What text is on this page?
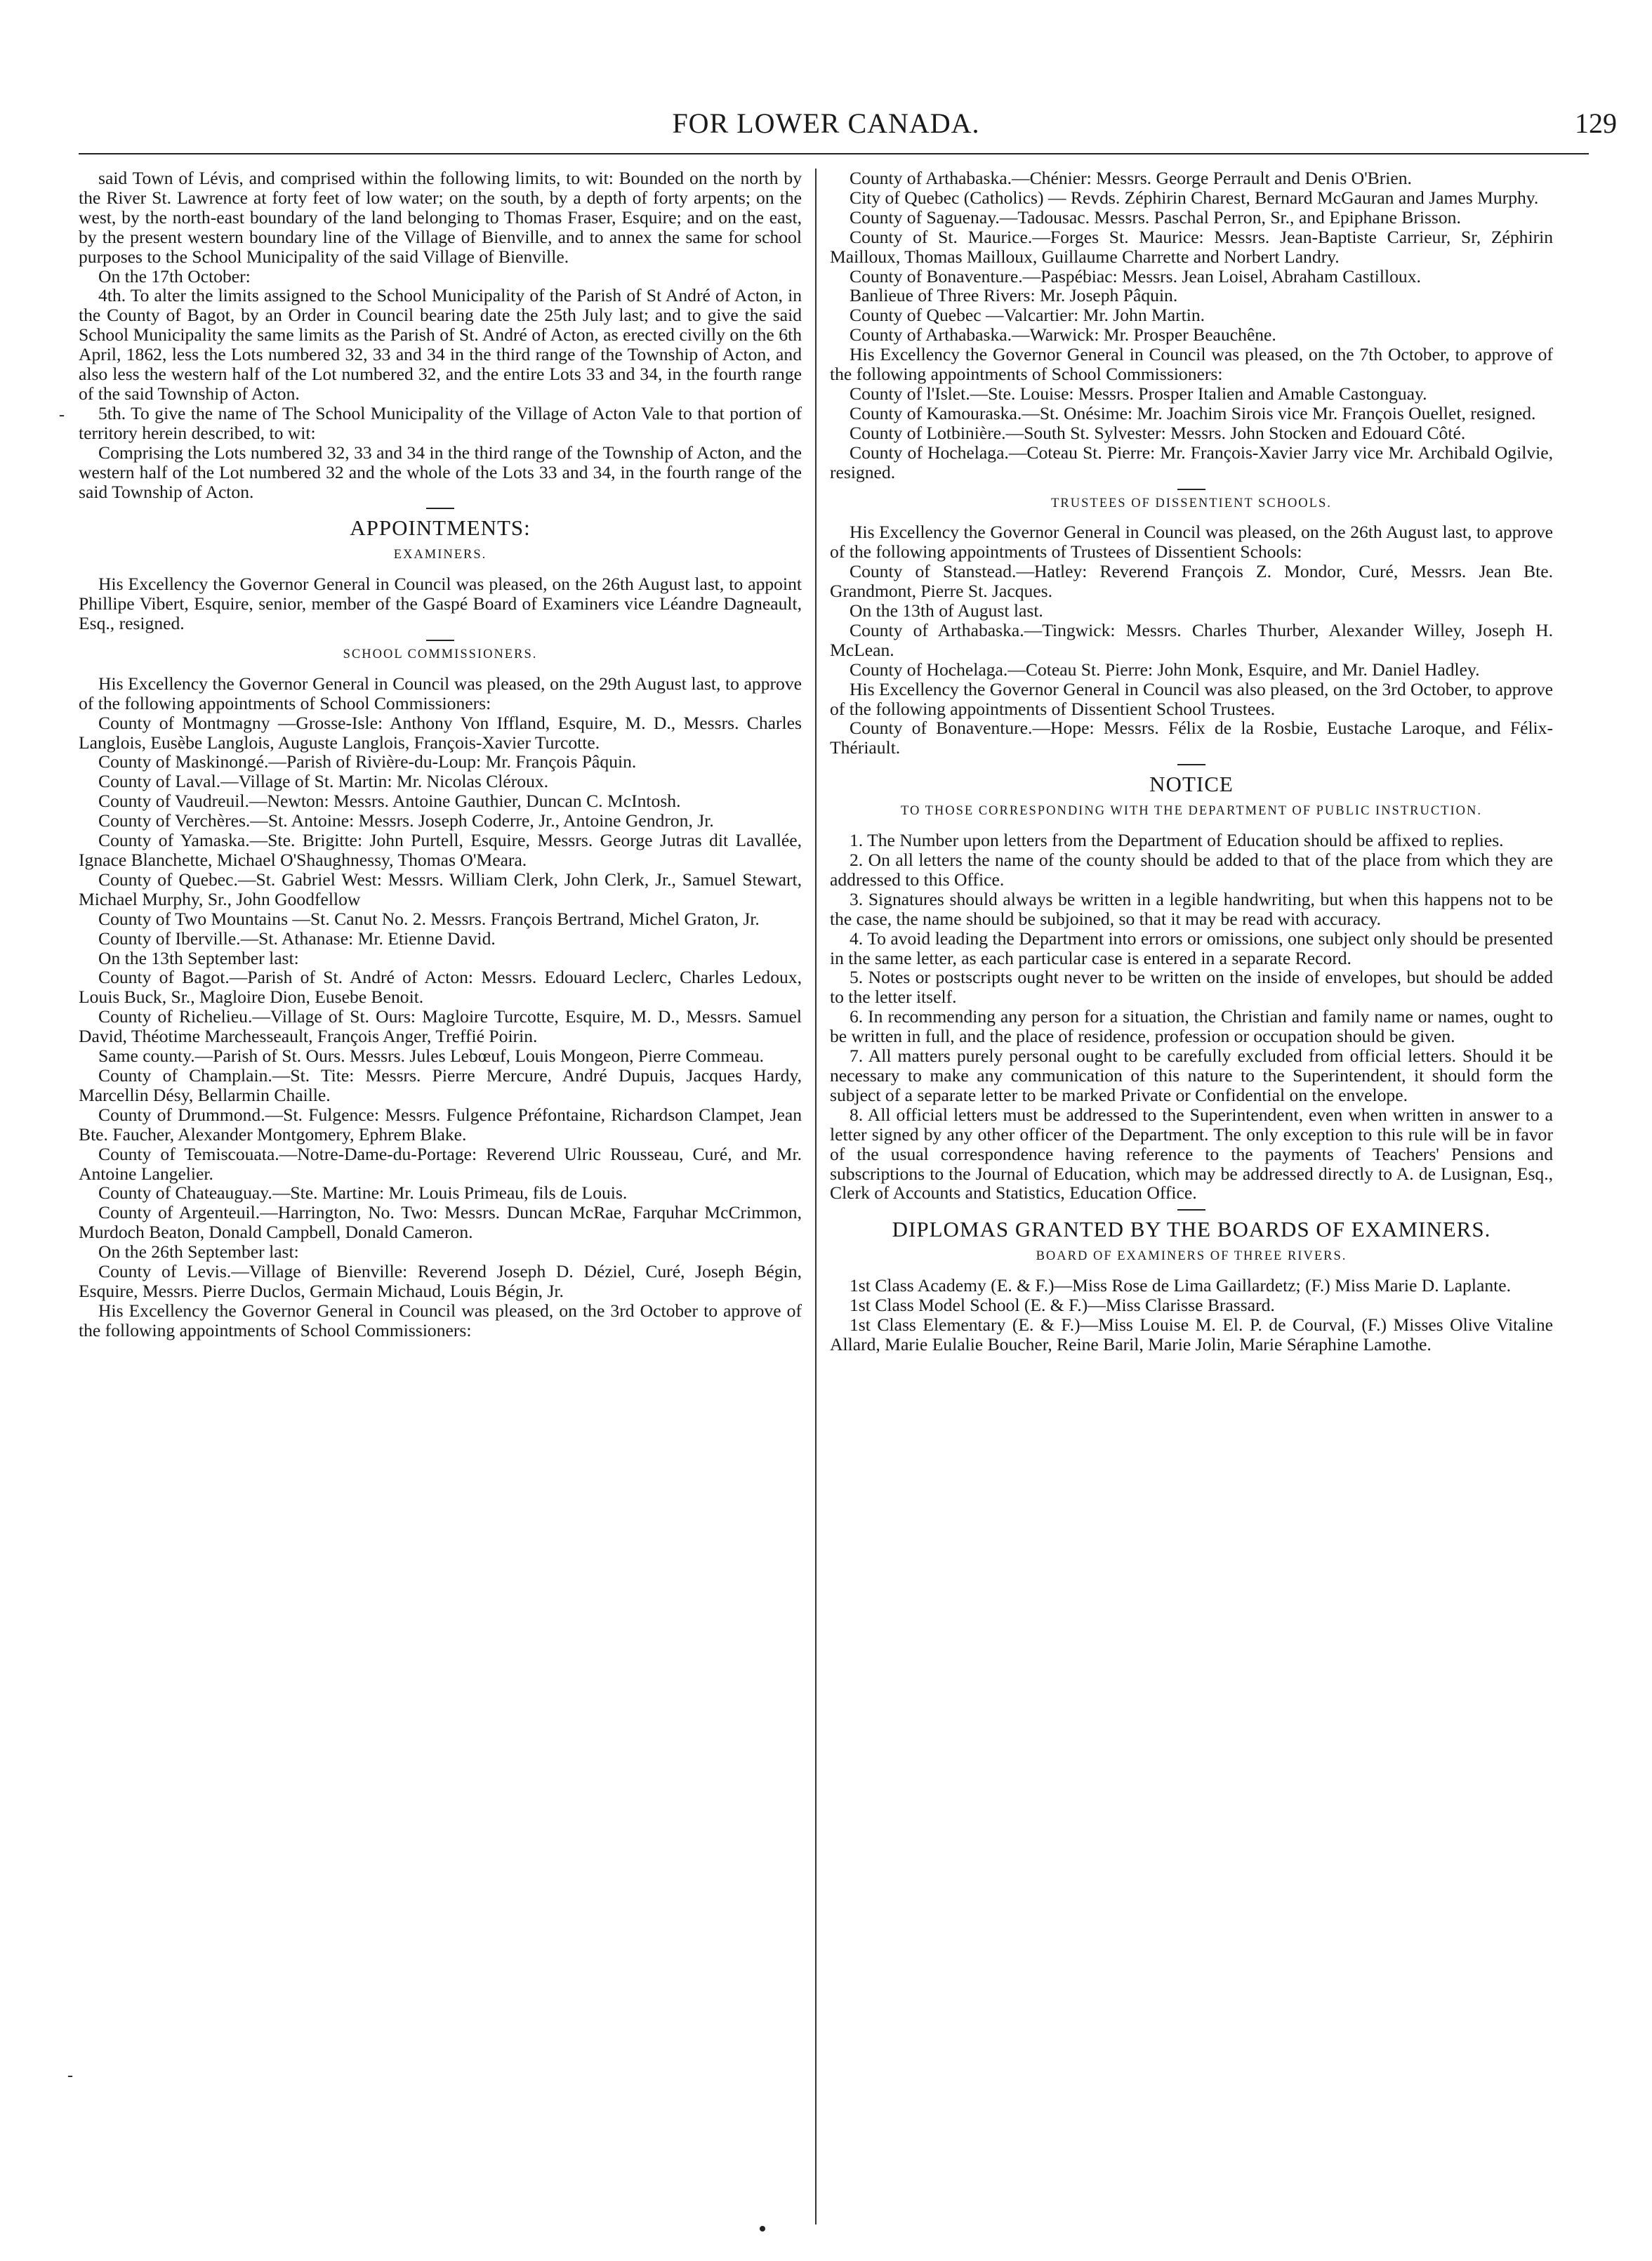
FOR LOWER CANADA.	129
-
-

said Town of Lévis, and comprised within the following limits, to wit: Bounded on the north by the River St. Lawrence at forty feet of low water; on the south, by a depth of forty arpents; on the west, by the north-east boundary of the land belonging to Thomas Fraser, Esquire; and on the east, by the present western boundary line of the Village of Bienville, and to annex the same for school purposes to the School Municipality of the said Village of Bienville.

On the 17th October:

4th. To alter the limits assigned to the School Municipality of the Parish of St André of Acton, in the County of Bagot, by an Order in Council bearing date the 25th July last; and to give the said School Municipality the same limits as the Parish of St. André of Acton, as erected civilly on the 6th April, 1862, less the Lots numbered 32, 33 and 34 in the third range of the Township of Acton, and also less the western half of the Lot numbered 32, and the entire Lots 33 and 34, in the fourth range of the said Township of Acton.

5th. To give the name of The School Municipality of the Village of Acton Vale to that portion of territory herein described, to wit:

Comprising the Lots numbered 32, 33 and 34 in the third range of the Township of Acton, and the western half of the Lot numbered 32 and the whole of the Lots 33 and 34, in the fourth range of the said Township of Acton.

APPOINTMENTS:

EXAMINERS.

His Excellency the Governor General in Council was pleased, on the 26th August last, to appoint Phillipe Vibert, Esquire, senior, member of the Gaspé Board of Examiners vice Léandre Dagneault, Esq., resigned.

SCHOOL COMMISSIONERS.

His Excellency the Governor General in Council was pleased, on the 29th August last, to approve of the following appointments of School Commissioners:

County of Montmagny —Grosse-Isle: Anthony Von Iffland, Esquire, M. D., Messrs. Charles Langlois, Eusèbe Langlois, Auguste Langlois, François-Xavier Turcotte.

County of Maskinongé.—Parish of Rivière-du-Loup: Mr. François Pâquin.

County of Laval.—Village of St. Martin: Mr. Nicolas Cléroux.

County of Vaudreuil.—Newton: Messrs. Antoine Gauthier, Duncan C. McIntosh.

County of Verchères.—St. Antoine: Messrs. Joseph Coderre, Jr., Antoine Gendron, Jr.

County of Yamaska.—Ste. Brigitte: John Purtell, Esquire, Messrs. George Jutras dit Lavallée, Ignace Blanchette, Michael O'Shaughnessy, Thomas O'Meara.

County of Quebec.—St. Gabriel West: Messrs. William Clerk, John Clerk, Jr., Samuel Stewart, Michael Murphy, Sr., John Goodfellow

County of Two Mountains —St. Canut No. 2. Messrs. François Bertrand, Michel Graton, Jr.

County of Iberville.—St. Athanase: Mr. Etienne David.

On the 13th September last:

County of Bagot.—Parish of St. André of Acton: Messrs. Edouard Leclerc, Charles Ledoux, Louis Buck, Sr., Magloire Dion, Eusebe Benoit.

County of Richelieu.—Village of St. Ours: Magloire Turcotte, Esquire, M. D., Messrs. Samuel David, Théotime Marchesseault, François Anger, Treffié Poirin.

Same county.—Parish of St. Ours. Messrs. Jules Lebœuf, Louis Mongeon, Pierre Commeau.

County of Champlain.—St. Tite: Messrs. Pierre Mercure, André Dupuis, Jacques Hardy, Marcellin Désy, Bellarmin Chaille.

County of Drummond.—St. Fulgence: Messrs. Fulgence Préfontaine, Richardson Clampet, Jean Bte. Faucher, Alexander Montgomery, Ephrem Blake.

County of Temiscouata.—Notre-Dame-du-Portage: Reverend Ulric Rousseau, Curé, and Mr. Antoine Langelier.

County of Chateauguay.—Ste. Martine: Mr. Louis Primeau, fils de Louis.

County of Argenteuil.—Harrington, No. Two: Messrs. Duncan McRae, Farquhar McCrimmon, Murdoch Beaton, Donald Campbell, Donald Cameron.

On the 26th September last:

County of Levis.—Village of Bienville: Reverend Joseph D. Déziel, Curé, Joseph Bégin, Esquire, Messrs. Pierre Duclos, Germain Michaud, Louis Bégin, Jr.

His Excellency the Governor General in Council was pleased, on the 3rd October to approve of the following appointments of School Commissioners:

County of Arthabaska.—Chénier: Messrs. George Perrault and Denis O'Brien.

City of Quebec (Catholics) — Revds. Zéphirin Charest, Bernard McGauran and James Murphy.

County of Saguenay.—Tadousac. Messrs. Paschal Perron, Sr., and Epiphane Brisson.

County of St. Maurice.—Forges St. Maurice: Messrs. Jean-Baptiste Carrieur, Sr, Zéphirin Mailloux, Thomas Mailloux, Guillaume Charrette and Norbert Landry.

County of Bonaventure.—Paspébiac: Messrs. Jean Loisel, Abraham Castilloux.

Banlieue of Three Rivers: Mr. Joseph Pâquin.

County of Quebec —Valcartier: Mr. John Martin.

County of Arthabaska.—Warwick: Mr. Prosper Beauchêne.

His Excellency the Governor General in Council was pleased, on the 7th October, to approve of the following appointments of School Commissioners:

County of l'Islet.—Ste. Louise: Messrs. Prosper Italien and Amable Castonguay.

County of Kamouraska.—St. Onésime: Mr. Joachim Sirois vice Mr. François Ouellet, resigned.

County of Lotbinière.—South St. Sylvester: Messrs. John Stocken and Edouard Côté.

County of Hochelaga.—Coteau St. Pierre: Mr. François-Xavier Jarry vice Mr. Archibald Ogilvie, resigned.

TRUSTEES OF DISSENTIENT SCHOOLS.

His Excellency the Governor General in Council was pleased, on the 26th August last, to approve of the following appointments of Trustees of Dissentient Schools:

County of Stanstead.—Hatley: Reverend François Z. Mondor, Curé, Messrs. Jean Bte. Grandmont, Pierre St. Jacques.

On the 13th of August last.

County of Arthabaska.—Tingwick: Messrs. Charles Thurber, Alexander Willey, Joseph H. McLean.

County of Hochelaga.—Coteau St. Pierre: John Monk, Esquire, and Mr. Daniel Hadley.

His Excellency the Governor General in Council was also pleased, on the 3rd October, to approve of the following appointments of Dissentient School Trustees.

County of Bonaventure.—Hope: Messrs. Félix de la Rosbie, Eustache Laroque, and Félix-Thériault.

NOTICE

TO THOSE CORRESPONDING WITH THE DEPARTMENT OF PUBLIC INSTRUCTION.

1. The Number upon letters from the Department of Education should be affixed to replies.

2. On all letters the name of the county should be added to that of the place from which they are addressed to this Office.

3. Signatures should always be written in a legible handwriting, but when this happens not to be the case, the name should be subjoined, so that it may be read with accuracy.

4. To avoid leading the Department into errors or omissions, one subject only should be presented in the same letter, as each particular case is entered in a separate Record.

5. Notes or postscripts ought never to be written on the inside of envelopes, but should be added to the letter itself.

6. In recommending any person for a situation, the Christian and family name or names, ought to be written in full, and the place of residence, profession or occupation should be given.

7. All matters purely personal ought to be carefully excluded from official letters. Should it be necessary to make any communication of this nature to the Superintendent, it should form the subject of a separate letter to be marked Private or Confidential on the envelope.

8. All official letters must be addressed to the Superintendent, even when written in answer to a letter signed by any other officer of the Department. The only exception to this rule will be in favor of the usual correspondence having reference to the payments of Teachers' Pensions and subscriptions to the Journal of Education, which may be addressed directly to A. de Lusignan, Esq., Clerk of Accounts and Statistics, Education Office.

DIPLOMAS GRANTED BY THE BOARDS OF EXAMINERS.

BOARD OF EXAMINERS OF THREE RIVERS.

1st Class Academy (E. & F.)—Miss Rose de Lima Gaillardetz; (F.) Miss Marie D. Laplante.

1st Class Model School (E. & F.)—Miss Clarisse Brassard.

1st Class Elementary (E. & F.)—Miss Louise M. El. P. de Courval, (F.) Misses Olive Vitaline Allard, Marie Eulalie Boucher, Reine Baril, Marie Jolin, Marie Séraphine Lamothe.
